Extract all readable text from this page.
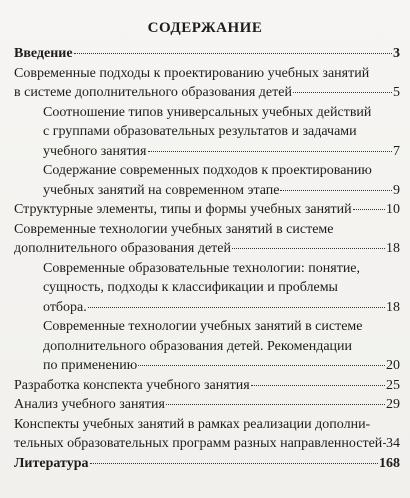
СОДЕРЖАНИЕ
Введение	3
Современные подходы к проектированию учебных занятий
в системе дополнительного образования детей	5
Соотношение типов универсальных учебных действий
с группами образовательных результатов и задачами
учебного занятия	7
Содержание современных подходов к проектированию
учебных занятий на современном этапе	9
Структурные элементы, типы и формы учебных занятий 10
Современные технологии учебных занятий в системе
дополнительного образования детей	18
Современные образовательные технологии: понятие,
сущность, подходы к классификации и проблемы
отбора.	18
Современные технологии учебных занятий в системе
дополнительного образования детей. Рекомендации
по применению	20
Разработка конспекта учебного занятия	25
Анализ учебного занятия	29
Конспекты учебных занятий в рамках реализации дополни-
тельных образовательных программ разных направленностей 34
Литература	168
